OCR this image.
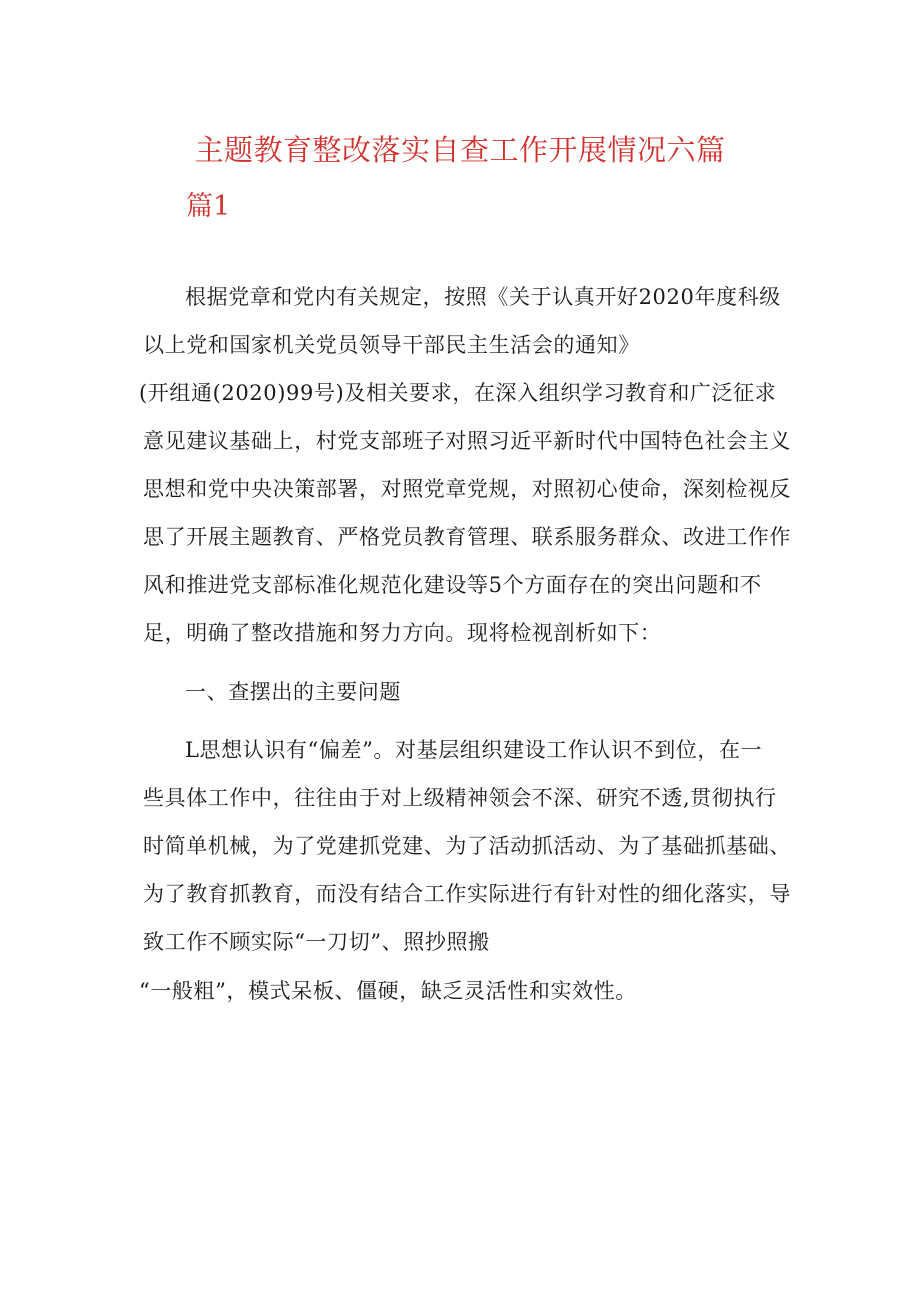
主题教育整改落实自查工作开展情况六篇
篇1
根据党章和党内有关规定，按照《关于认真开好2020年度科级
以上党和国家机关党员领导干部民主生活会的通知》
(开组通(2020)99号)及相关要求，在深入组织学习教育和广泛征求
意见建议基础上，村党支部班子对照习近平新时代中国特色社会主义
思想和党中央决策部署，对照党章党规，对照初心使命，深刻检视反
思了开展主题教育、严格党员教育管理、联系服务群众、改进工作作
风和推进党支部标准化规范化建设等5个方面存在的突出问题和不
足，明确了整改措施和努力方向。现将检视剖析如下：
一、查摆出的主要问题
L思想认识有“偏差”。对基层组织建设工作认识不到位，在一
些具体工作中，往往由于对上级精神领会不深、研究不透,贯彻执行
时简单机械，为了党建抓党建、为了活动抓活动、为了基础抓基础、
为了教育抓教育，而没有结合工作实际进行有针对性的细化落实，导
致工作不顾实际“一刀切”、照抄照搬
“一般粗”，模式呆板、僵硬，缺乏灵活性和实效性。
